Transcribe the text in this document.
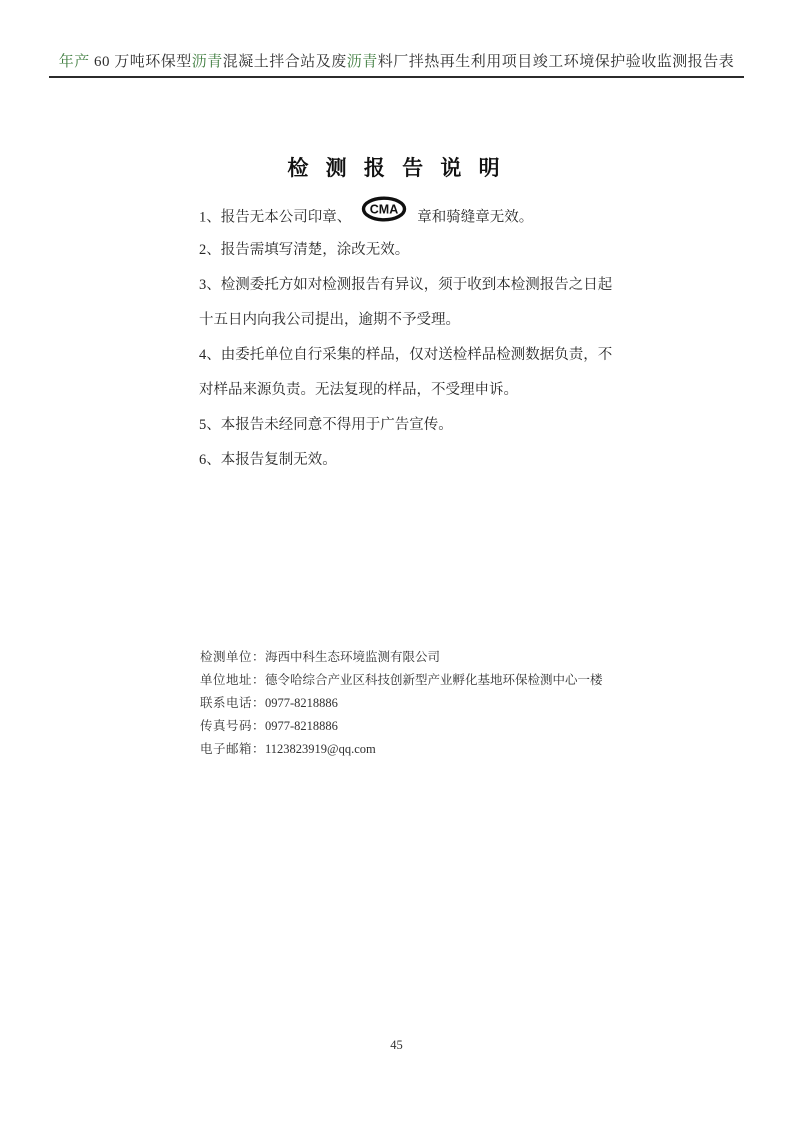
年产 60 万吨环保型沥青混凝土拌合站及废沥青料厂拌热再生利用项目竣工环境保护验收监测报告表
检 测 报 告 说 明
1、报告无本公司印章、 CMA 章和骑缝章无效。
2、报告需填写清楚，涂改无效。
3、检测委托方如对检测报告有异议，须于收到本检测报告之日起
十五日内向我公司提出，逾期不予受理。
4、由委托单位自行采集的样品，仅对送检样品检测数据负责，不
对样品来源负责。无法复现的样品，不受理申诉。
5、本报告未经同意不得用于广告宣传。
6、本报告复制无效。
检测单位：海西中科生态环境监测有限公司
单位地址：德令哈综合产业区科技创新型产业孵化基地环保检测中心一楼
联系电话：0977-8218886
传真号码：0977-8218886
电子邮箱：1123823919@qq.com
45
